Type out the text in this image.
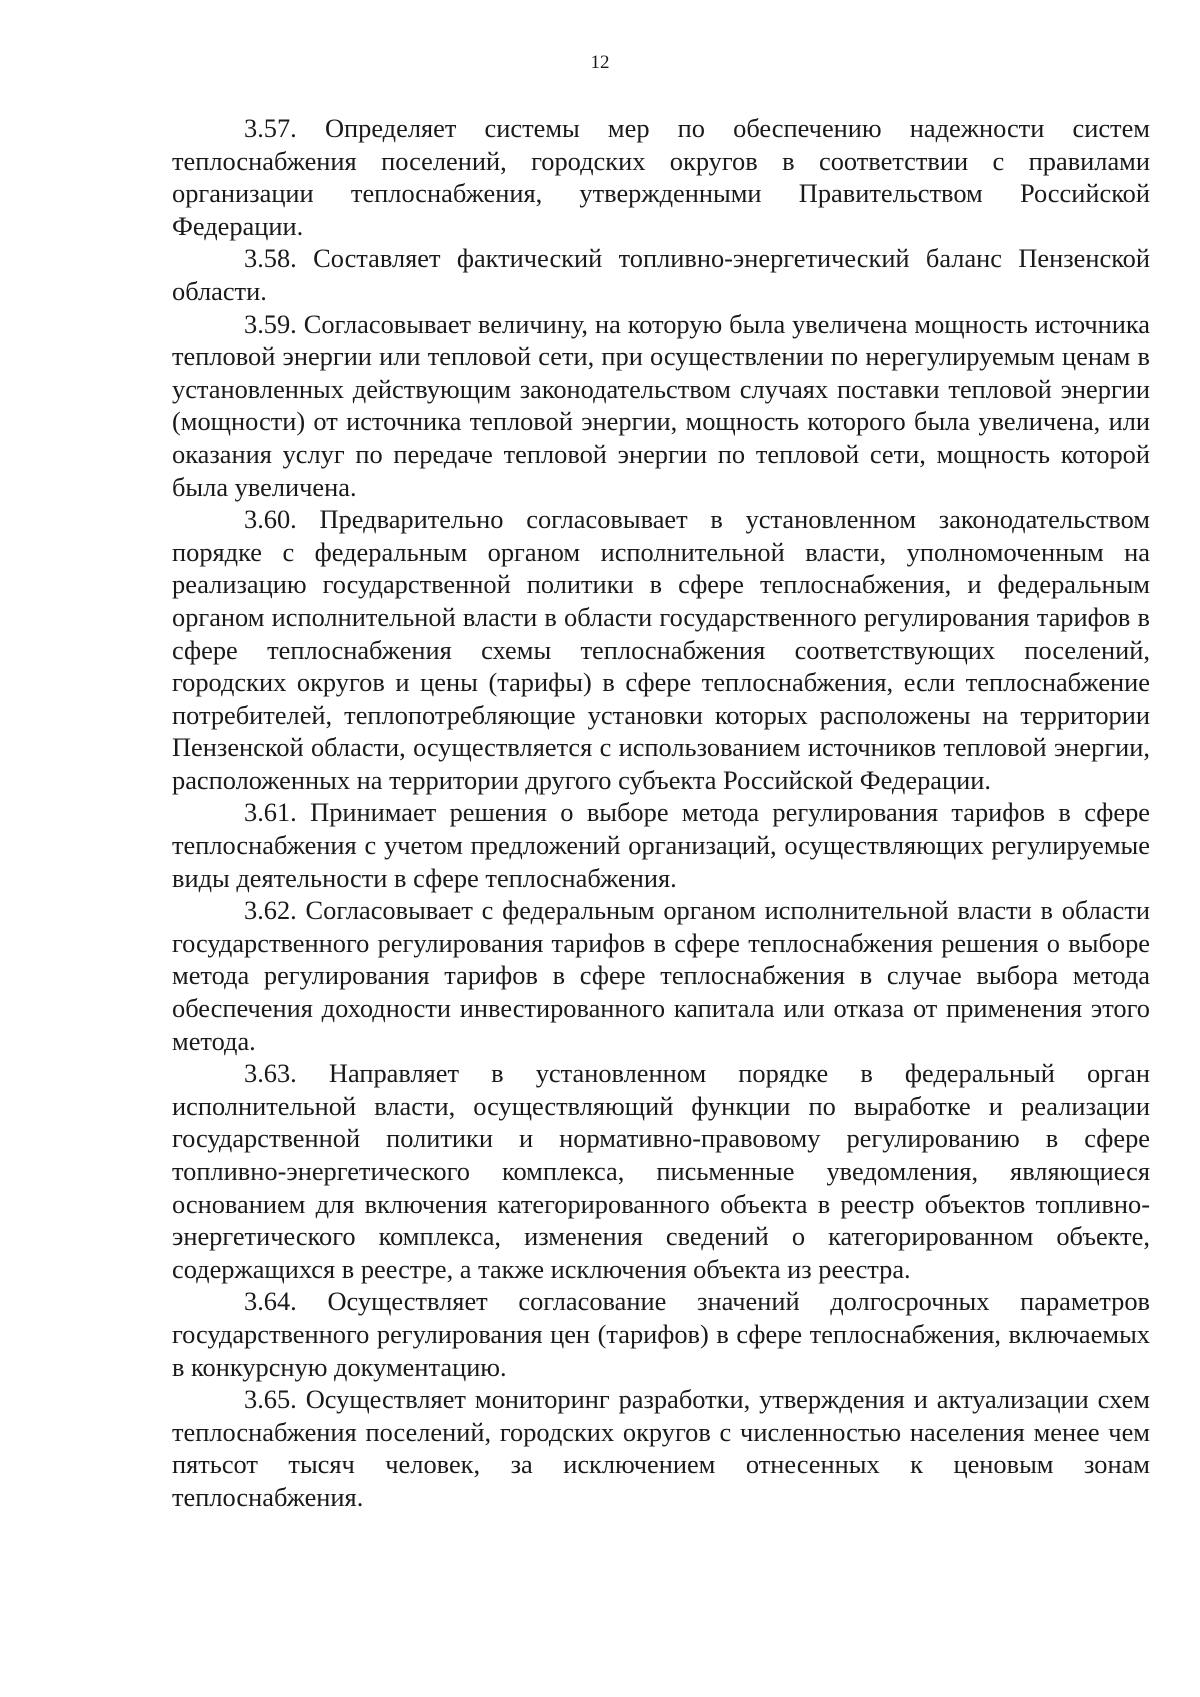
12

3.57. Определяет системы мер по обеспечению надежности систем теплоснабжения поселений, городских округов в соответствии с правилами организации теплоснабжения, утвержденными Правительством Российской Федерации.

3.58. Составляет фактический топливно-энергетический баланс Пензенской области.

3.59. Согласовывает величину, на которую была увеличена мощность источника тепловой энергии или тепловой сети, при осуществлении по нерегулируемым ценам в установленных действующим законодательством случаях поставки тепловой энергии (мощности) от источника тепловой энергии, мощность которого была увеличена, или оказания услуг по передаче тепловой энергии по тепловой сети, мощность которой была увеличена.

3.60. Предварительно согласовывает в установленном законодательством порядке с федеральным органом исполнительной власти, уполномоченным на реализацию государственной политики в сфере теплоснабжения, и федеральным органом исполнительной власти в области государственного регулирования тарифов в сфере теплоснабжения схемы теплоснабжения соответствующих поселений, городских округов и цены (тарифы) в сфере теплоснабжения, если теплоснабжение потребителей, теплопотребляющие установки которых расположены на территории Пензенской области, осуществляется с использованием источников тепловой энергии, расположенных на территории другого субъекта Российской Федерации.

3.61. Принимает решения о выборе метода регулирования тарифов в сфере теплоснабжения с учетом предложений организаций, осуществляющих регулируемые виды деятельности в сфере теплоснабжения.

3.62. Согласовывает с федеральным органом исполнительной власти в области государственного регулирования тарифов в сфере теплоснабжения решения о выборе метода регулирования тарифов в сфере теплоснабжения в случае выбора метода обеспечения доходности инвестированного капитала или отказа от применения этого метода.

3.63. Направляет в установленном порядке в федеральный орган исполнительной власти, осуществляющий функции по выработке и реализации государственной политики и нормативно-правовому регулированию в сфере топливно-энергетического комплекса, письменные уведомления, являющиеся основанием для включения категорированного объекта в реестр объектов топливно-энергетического комплекса, изменения сведений о категорированном объекте, содержащихся в реестре, а также исключения объекта из реестра.

3.64. Осуществляет согласование значений долгосрочных параметров государственного регулирования цен (тарифов) в сфере теплоснабжения, включаемых в конкурсную документацию.

3.65. Осуществляет мониторинг разработки, утверждения и актуализации схем теплоснабжения поселений, городских округов с численностью населения менее чем пятьсот тысяч человек, за исключением отнесенных к ценовым зонам теплоснабжения.
